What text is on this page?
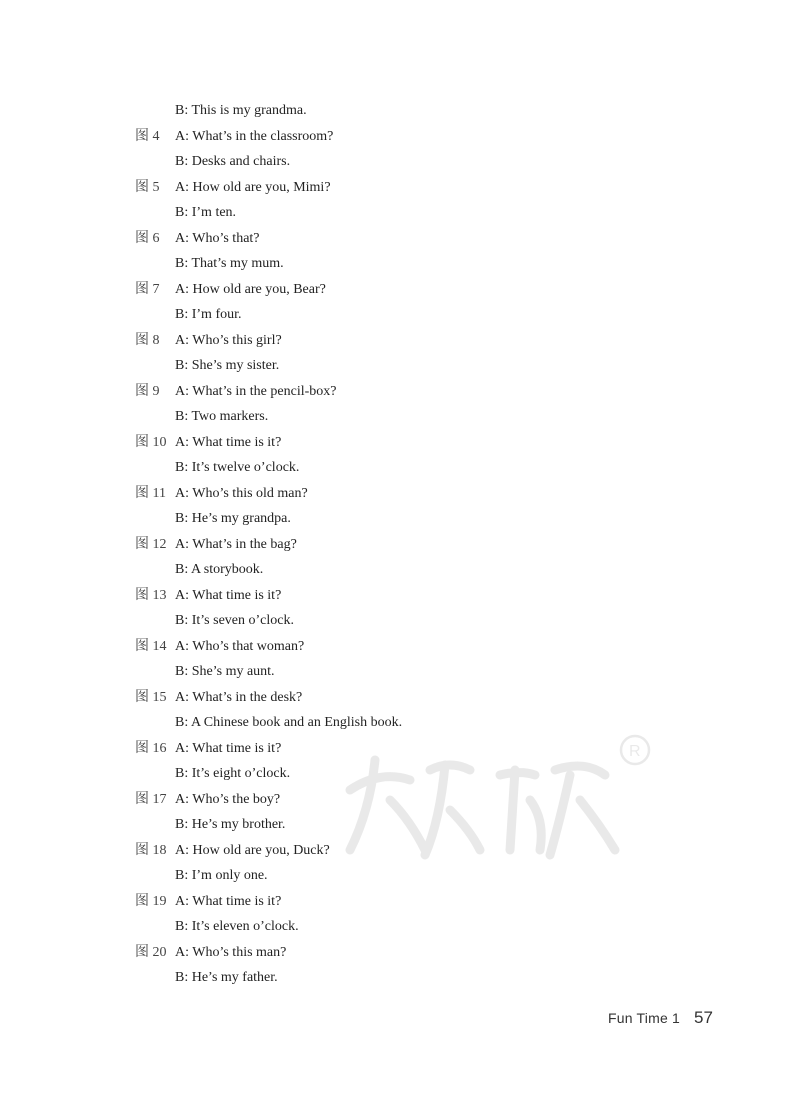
R
B: This is my grandma.
图 4 A: What’s in the classroom?
B: Desks and chairs.
图 5 A: How old are you, Mimi?
B: I’m ten.
图 6 A: Who’s that?
B: That’s my mum.
图 7 A: How old are you, Bear?
B: I’m four.
图 8 A: Who’s this girl?
B: She’s my sister.
图 9 A: What’s in the pencil-box?
B: Two markers.
图 10 A: What time is it?
B: It’s twelve o’clock.
图 11 A: Who’s this old man?
B: He’s my grandpa.
图 12 A: What’s in the bag?
B: A storybook.
图 13 A: What time is it?
B: It’s seven o’clock.
图 14 A: Who’s that woman?
B: She’s my aunt.
图 15 A: What’s in the desk?
B: A Chinese book and an English book.
图 16 A: What time is it?
B: It’s eight o’clock.
图 17 A: Who’s the boy?
B: He’s my brother.
图 18 A: How old are you, Duck?
B: I’m only one.
图 19 A: What time is it?
B: It’s eleven o’clock.
图 20 A: Who’s this man?
B: He’s my father.
Fun Time 1 57
